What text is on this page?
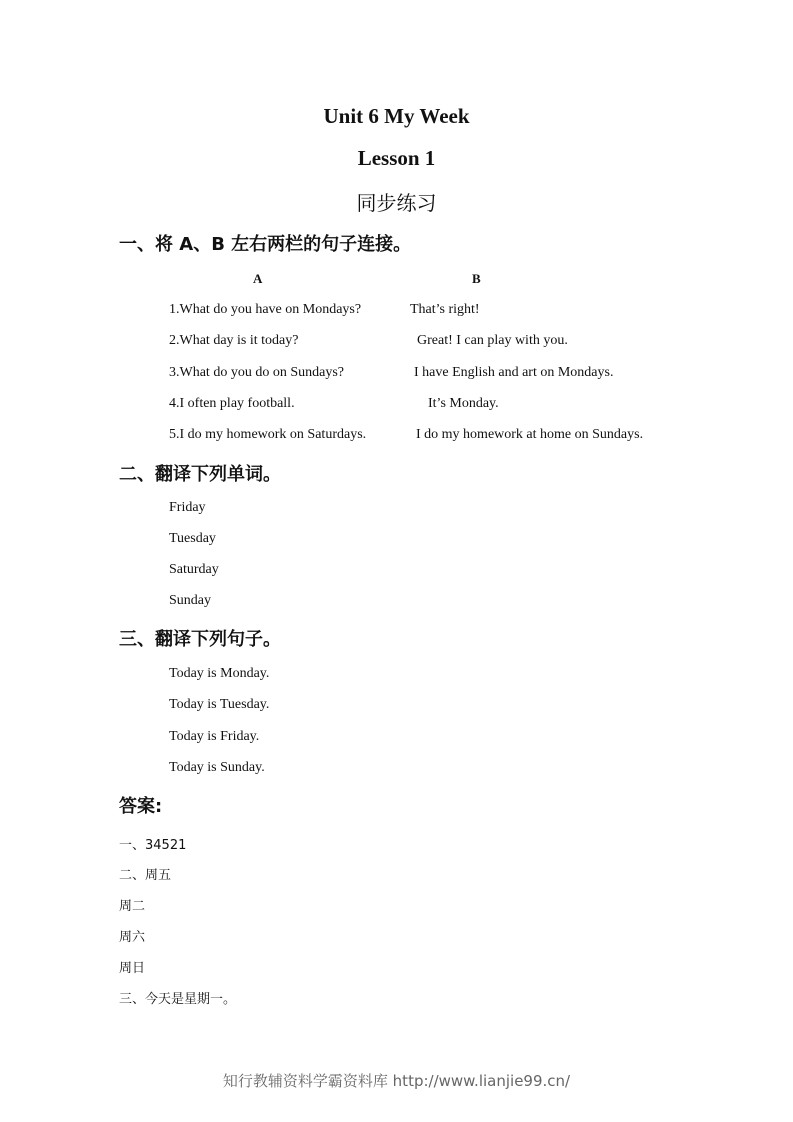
Unit 6 My Week
Lesson 1
同步练习
一、将 A、B 左右两栏的句子连接。
A	B
1.What do you have on Mondays?
2.What day is it today?
3.What do you do on Sundays?
4.I often play football.
5.I do my homework on Saturdays.
That’s right!
Great! I can play with you.
I have English and art on Mondays.
It’s Monday.
I do my homework at home on Sundays.
二、翻译下列单词。
Friday
Tuesday
Saturday
Sunday
三、翻译下列句子。
Today is Monday.
Today is Tuesday.
Today is Friday.
Today is Sunday.
答案:
一、34521
二、周五
周二
周六
周日
三、今天是星期一。
知行教辅资料学霸资料库 http://www.lianjie99.cn/
